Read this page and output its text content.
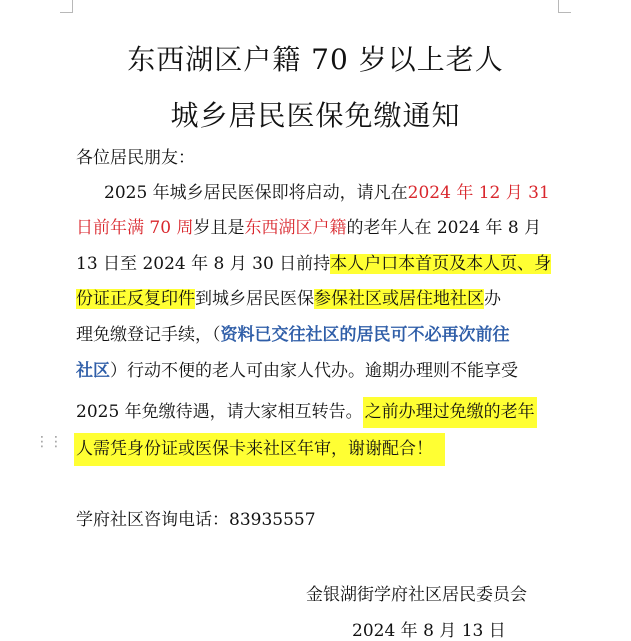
⋮⋮
东西湖区户籍 70 岁以上老人
城乡居民医保免缴通知
各位居民朋友：
2025 年城乡居民医保即将启动，请凡在2024 年 12 月 31
日前年满 70 周岁且是东西湖区户籍的老年人在 2024 年 8 月
13 日至 2024 年 8 月 30 日前持本人户口本首页及本人页、身
份证正反复印件到城乡居民医保参保社区或居住地社区办
理免缴登记手续，（资料已交往社区的居民可不必再次前往
社区）行动不便的老人可由家人代办。逾期办理则不能享受
2025 年免缴待遇，请大家相互转告。 之前办理过免缴的老年
人需凭身份证或医保卡来社区年审，谢谢配合！
学府社区咨询电话：83935557
金银湖街学府社区居民委员会
2024 年 8 月 13 日
